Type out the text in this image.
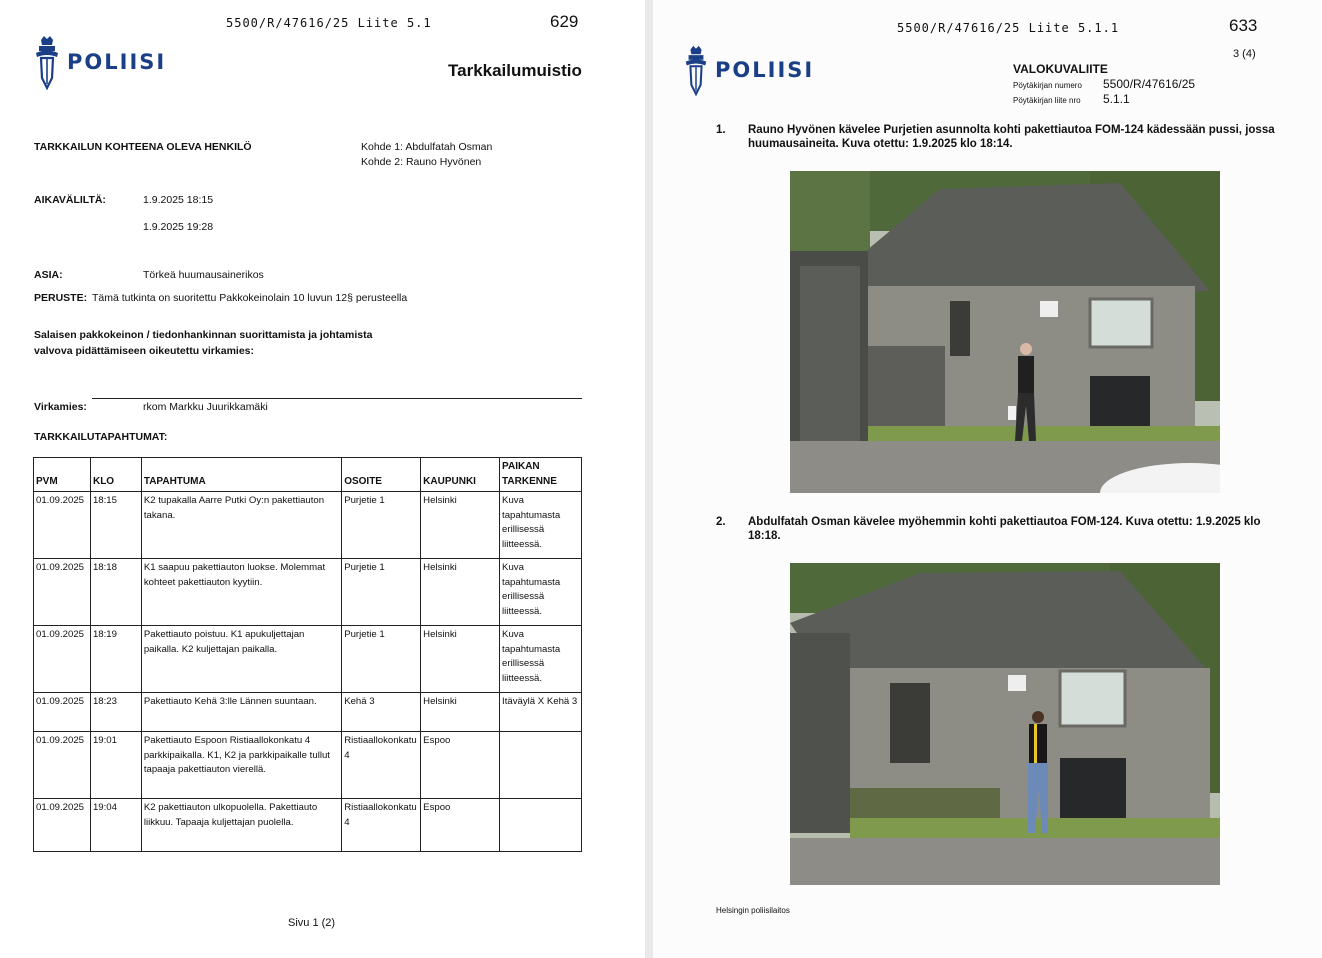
5500/R/47616/25 Liite 5.1	629
POLIISI	Tarkkailumuistio
TARKKAILUN KOHTEENA OLEVA HENKILÖ	Kohde 1: Abdulfatah Osman
Kohde 2: Rauno Hyvönen
AIKAVÄLILTÄ:	1.9.2025 18:15
1.9.2025 19:28
ASIA:	Törkeä huumausainerikos
PERUSTE: Tämä tutkinta on suoritettu Pakkokeinolain 10 luvun 12§ perusteella
Salaisen pakkokeinon / tiedonhankinnan suorittamista ja johtamista
valvova pidättämiseen oikeutettu virkamies:
Virkamies:	rkom Markku Juurikkamäki
TARKKAILUTAPAHTUMAT:
PVM	KLO	TAPAHTUMA	OSOITE	KAUPUNKI	PAIKAN TARKENNE
01.09.2025	18:15	K2 tupakalla Aarre Putki Oy:n pakettiauton takana.	Purjetie 1	Helsinki	Kuva tapahtumasta erillisessä liitteessä.
01.09.2025	18:18	K1 saapuu pakettiauton luokse. Molemmat kohteet pakettiauton kyytiin.	Purjetie 1	Helsinki	Kuva tapahtumasta erillisessä liitteessä.
01.09.2025	18:19	Pakettiauto poistuu. K1 apukuljettajan paikalla. K2 kuljettajan paikalla.	Purjetie 1	Helsinki	Kuva tapahtumasta erillisessä liitteessä.
01.09.2025	18:23	Pakettiauto Kehä 3:lle Lännen suuntaan.	Kehä 3	Helsinki	Itäväylä X Kehä 3
01.09.2025	19:01	Pakettiauto Espoon Ristiaallokonkatu 4 parkkipaikalla. K1, K2 ja parkkipaikalle tullut tapaaja pakettiauton vierellä.	Ristiaallokonkatu 4	Espoo	
01.09.2025	19:04	K2 pakettiauton ulkopuolella. Pakettiauto liikkuu. Tapaaja kuljettajan puolella.	Ristiaallokonkatu 4	Espoo	
Sivu 1 (2)
5500/R/47616/25 Liite 5.1.1	633
3 (4)
POLIISI	VALOKUVALIITE
Pöytäkirjan numero 5500/R/47616/25
Pöytäkirjan liite nro 5.1.1
1. Rauno Hyvönen kävelee Purjetien asunnolta kohti pakettiautoa FOM-124 kädessään pussi, jossa huumausaineita. Kuva otettu: 1.9.2025 klo 18:14.
2. Abdulfatah Osman kävelee myöhemmin kohti pakettiautoa FOM-124. Kuva otettu: 1.9.2025 klo 18:18.
Helsingin poliisilaitos
